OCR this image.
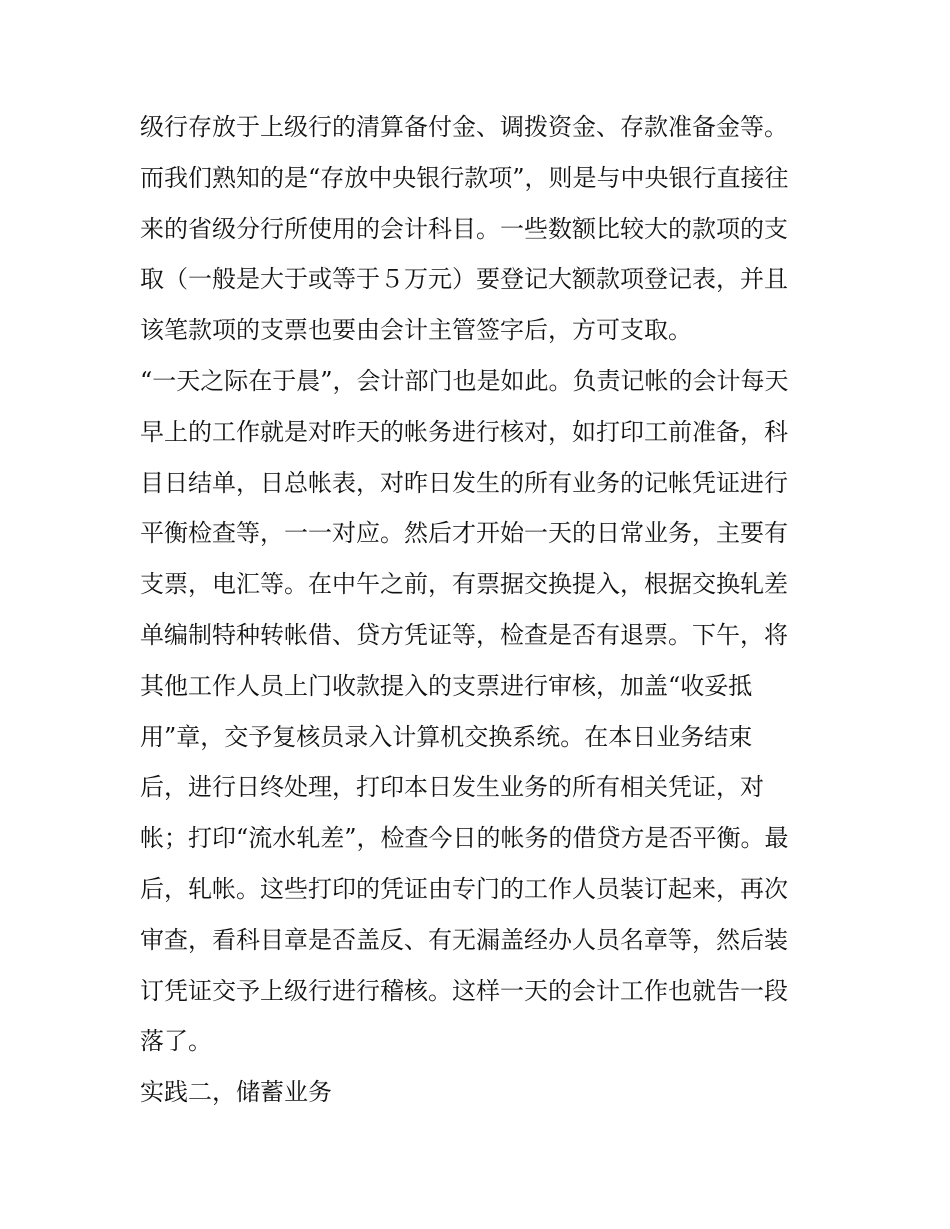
级行存放于上级行的清算备付金、调拨资金、存款准备金等。
而我们熟知的是“存放中央银行款项”，则是与中央银行直接往
来的省级分行所使用的会计科目。一些数额比较大的款项的支
取（一般是大于或等于５万元）要登记大额款项登记表，并且
该笔款项的支票也要由会计主管签字后，方可支取。
“一天之际在于晨”，会计部门也是如此。负责记帐的会计每天
早上的工作就是对昨天的帐务进行核对，如打印工前准备，科
目日结单，日总帐表，对昨日发生的所有业务的记帐凭证进行
平衡检查等，一一对应。然后才开始一天的日常业务，主要有
支票，电汇等。在中午之前，有票据交换提入，根据交换轧差
单编制特种转帐借、贷方凭证等，检查是否有退票。下午，将
其他工作人员上门收款提入的支票进行审核，加盖“收妥抵
用”章，交予复核员录入计算机交换系统。在本日业务结束
后，进行日终处理，打印本日发生业务的所有相关凭证，对
帐；打印“流水轧差”，检查今日的帐务的借贷方是否平衡。最
后，轧帐。这些打印的凭证由专门的工作人员装订起来，再次
审查，看科目章是否盖反、有无漏盖经办人员名章等，然后装
订凭证交予上级行进行稽核。这样一天的会计工作也就告一段
落了。
实践二，储蓄业务
